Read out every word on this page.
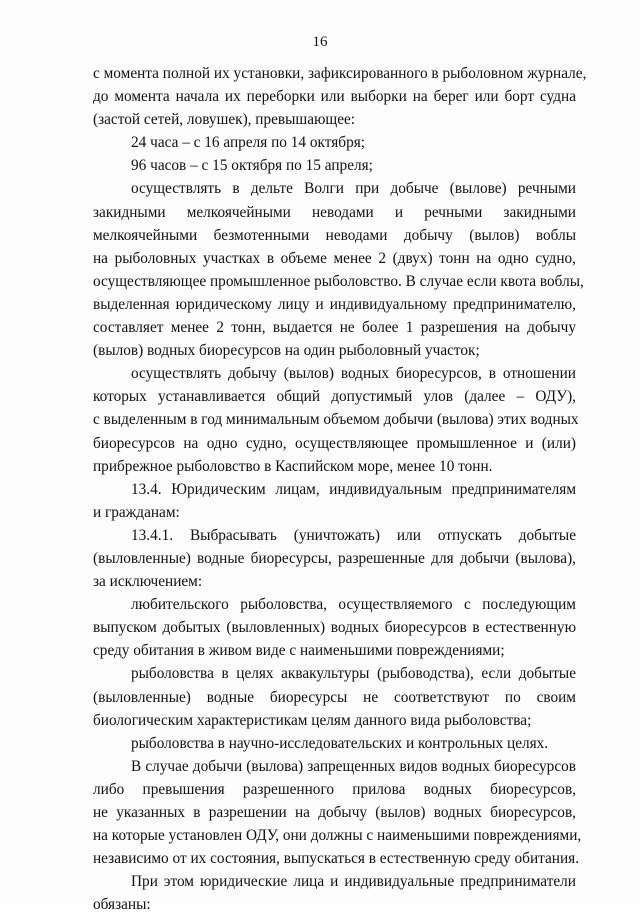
16
с момента полной их установки, зафиксированного в рыболовном журнале,
до момента начала их переборки или выборки на берег или борт судна
(застой сетей, ловушек), превышающее:
24 часа – с 16 апреля по 14 октября;
96 часов – с 15 октября по 15 апреля;
осуществлять в дельте Волги при добыче (вылове) речными
закидными мелкоячейными неводами и речными закидными
мелкоячейными безмотенными неводами добычу (вылов) воблы
на рыболовных участках в объеме менее 2 (двух) тонн на одно судно,
осуществляющее промышленное рыболовство. В случае если квота воблы,
выделенная юридическому лицу и индивидуальному предпринимателю,
составляет менее 2 тонн, выдается не более 1 разрешения на добычу
(вылов) водных биоресурсов на один рыболовный участок;
осуществлять добычу (вылов) водных биоресурсов, в отношении
которых устанавливается общий допустимый улов (далее – ОДУ),
с выделенным в год минимальным объемом добычи (вылова) этих водных
биоресурсов на одно судно, осуществляющее промышленное и (или)
прибрежное рыболовство в Каспийском море, менее 10 тонн.
13.4. Юридическим лицам, индивидуальным предпринимателям
и гражданам:
13.4.1. Выбрасывать (уничтожать) или отпускать добытые
(выловленные) водные биоресурсы, разрешенные для добычи (вылова),
за исключением:
любительского рыболовства, осуществляемого с последующим
выпуском добытых (выловленных) водных биоресурсов в естественную
среду обитания в живом виде с наименьшими повреждениями;
рыболовства в целях аквакультуры (рыбоводства), если добытые
(выловленные) водные биоресурсы не соответствуют по своим
биологическим характеристикам целям данного вида рыболовства;
рыболовства в научно-исследовательских и контрольных целях.
В случае добычи (вылова) запрещенных видов водных биоресурсов
либо превышения разрешенного прилова водных биоресурсов,
не указанных в разрешении на добычу (вылов) водных биоресурсов,
на которые установлен ОДУ, они должны с наименьшими повреждениями,
независимо от их состояния, выпускаться в естественную среду обитания.
При этом юридические лица и индивидуальные предприниматели
обязаны:
